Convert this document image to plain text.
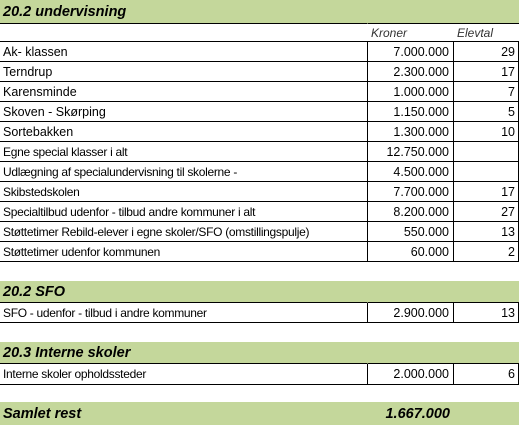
20.2 undervisning
Kroner	Elevtal
Ak- klassen	7.000.000	29
Terndrup	2.300.000	17
Karensminde	1.000.000	7
Skoven - Skørping	1.150.000	5
Sortebakken	1.300.000	10
Egne special klasser i alt	12.750.000
Udlægning af specialundervisning til skolerne -	4.500.000
Skibstedskolen	7.700.000	17
Specialtilbud udenfor - tilbud andre kommuner i alt	8.200.000	27
Støttetimer Rebild-elever i egne skoler/SFO (omstillingspulje)	550.000	13
Støttetimer udenfor kommunen	60.000	2
20.2 SFO
SFO - udenfor - tilbud i andre kommuner	2.900.000	13
20.3 Interne skoler
Interne skoler opholdssteder	2.000.000	6
Samlet rest	1.667.000
